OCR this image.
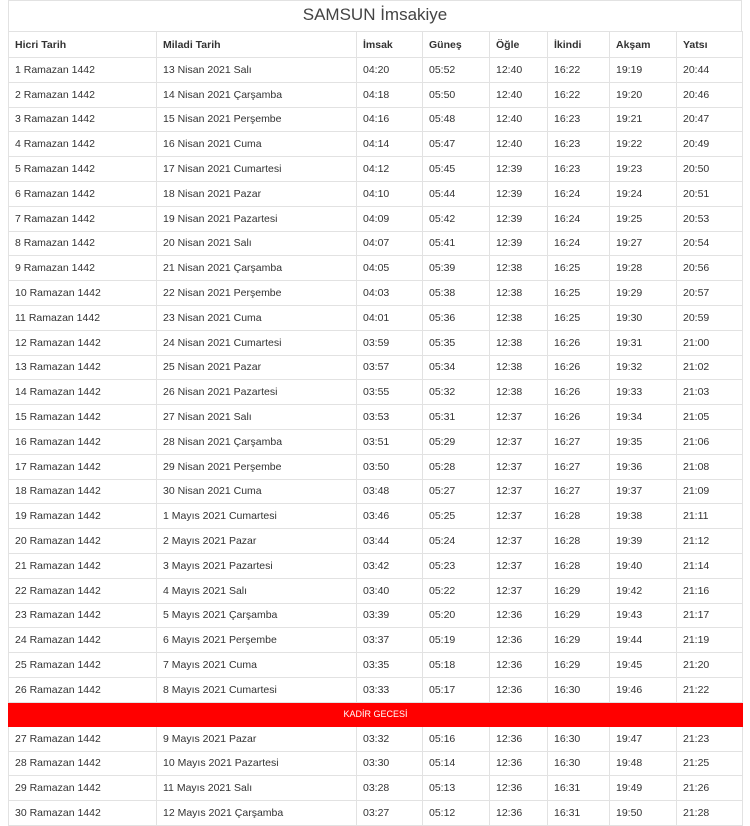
SAMSUN İmsakiye
Hicri Tarih	Miladi Tarih	İmsak	Güneş	Öğle	İkindi	Akşam	Yatsı
1 Ramazan 1442	13 Nisan 2021 Salı	04:20	05:52	12:40	16:22	19:19	20:44
2 Ramazan 1442	14 Nisan 2021 Çarşamba	04:18	05:50	12:40	16:22	19:20	20:46
3 Ramazan 1442	15 Nisan 2021 Perşembe	04:16	05:48	12:40	16:23	19:21	20:47
4 Ramazan 1442	16 Nisan 2021 Cuma	04:14	05:47	12:40	16:23	19:22	20:49
5 Ramazan 1442	17 Nisan 2021 Cumartesi	04:12	05:45	12:39	16:23	19:23	20:50
6 Ramazan 1442	18 Nisan 2021 Pazar	04:10	05:44	12:39	16:24	19:24	20:51
7 Ramazan 1442	19 Nisan 2021 Pazartesi	04:09	05:42	12:39	16:24	19:25	20:53
8 Ramazan 1442	20 Nisan 2021 Salı	04:07	05:41	12:39	16:24	19:27	20:54
9 Ramazan 1442	21 Nisan 2021 Çarşamba	04:05	05:39	12:38	16:25	19:28	20:56
10 Ramazan 1442	22 Nisan 2021 Perşembe	04:03	05:38	12:38	16:25	19:29	20:57
11 Ramazan 1442	23 Nisan 2021 Cuma	04:01	05:36	12:38	16:25	19:30	20:59
12 Ramazan 1442	24 Nisan 2021 Cumartesi	03:59	05:35	12:38	16:26	19:31	21:00
13 Ramazan 1442	25 Nisan 2021 Pazar	03:57	05:34	12:38	16:26	19:32	21:02
14 Ramazan 1442	26 Nisan 2021 Pazartesi	03:55	05:32	12:38	16:26	19:33	21:03
15 Ramazan 1442	27 Nisan 2021 Salı	03:53	05:31	12:37	16:26	19:34	21:05
16 Ramazan 1442	28 Nisan 2021 Çarşamba	03:51	05:29	12:37	16:27	19:35	21:06
17 Ramazan 1442	29 Nisan 2021 Perşembe	03:50	05:28	12:37	16:27	19:36	21:08
18 Ramazan 1442	30 Nisan 2021 Cuma	03:48	05:27	12:37	16:27	19:37	21:09
19 Ramazan 1442	1 Mayıs 2021 Cumartesi	03:46	05:25	12:37	16:28	19:38	21:11
20 Ramazan 1442	2 Mayıs 2021 Pazar	03:44	05:24	12:37	16:28	19:39	21:12
21 Ramazan 1442	3 Mayıs 2021 Pazartesi	03:42	05:23	12:37	16:28	19:40	21:14
22 Ramazan 1442	4 Mayıs 2021 Salı	03:40	05:22	12:37	16:29	19:42	21:16
23 Ramazan 1442	5 Mayıs 2021 Çarşamba	03:39	05:20	12:36	16:29	19:43	21:17
24 Ramazan 1442	6 Mayıs 2021 Perşembe	03:37	05:19	12:36	16:29	19:44	21:19
25 Ramazan 1442	7 Mayıs 2021 Cuma	03:35	05:18	12:36	16:29	19:45	21:20
26 Ramazan 1442	8 Mayıs 2021 Cumartesi	03:33	05:17	12:36	16:30	19:46	21:22
KADİR GECESİ							
27 Ramazan 1442	9 Mayıs 2021 Pazar	03:32	05:16	12:36	16:30	19:47	21:23
28 Ramazan 1442	10 Mayıs 2021 Pazartesi	03:30	05:14	12:36	16:30	19:48	21:25
29 Ramazan 1442	11 Mayıs 2021 Salı	03:28	05:13	12:36	16:31	19:49	21:26
30 Ramazan 1442	12 Mayıs 2021 Çarşamba	03:27	05:12	12:36	16:31	19:50	21:28
